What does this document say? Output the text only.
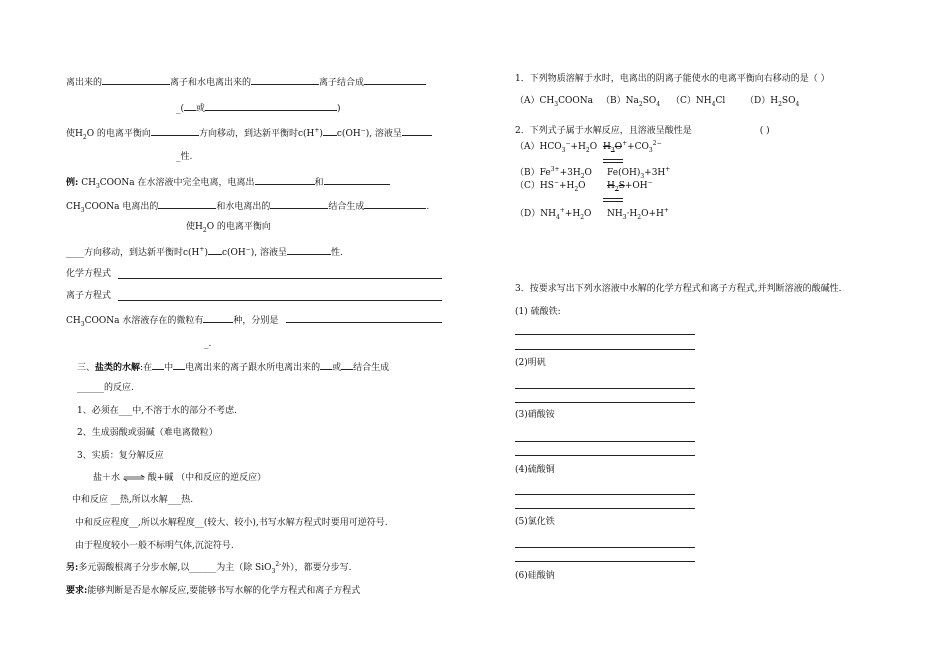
离出来的	离子和水电离出来的	离子结合成
_( 或	)
使$H_2O$ 的电离平衡向	方向移动，到达新平衡时c(H+) c(OH−), 溶液呈
_性.
例: $CH_3COONa$ 在水溶液中完全电离，电离出	和
$CH_3COONa$ 电离出的	和水电离出的	结合生成	.
使$H_2O$ 的电离平衡向
____方向移动，到达新平衡时c(H+) c(OH−), 溶液呈	性.
化学方程式
离子方程式
$CH_3COONa$ 水溶液存在的微粒有	种，分别是
_.
三、盐类的水解:在 中 电离出来的离子跟水所电离出来的 或 结合生成
______的反应.
1、必须在___中,不溶于水的部分不考虑.
2、生成弱酸或弱碱（难电离微粒）
3、实质：复分解反应
盐＋水 ⇌ 酸+碱 （中和反应的逆反应）
中和反应 __热,所以水解___热.
中和反应程度__,所以水解程度__(较大、较小),书写水解方程式时要用可逆符号.
由于程度较小一般不标明气体,沉淀符号.
另:多元弱酸根离子分步水解,以______为主（除 SiO$_3^{2-}$外），都要分步写.
要求:能够判断是否是水解反应,要能够书写水解的化学方程式和离子方程式
1．下列物质溶解于水时，电离出的阴离子能使水的电离平衡向右移动的是（ ）
$(A)CH_3COONa$ $(B)Na_2SO_4$ $(C)NH_4Cl$ $(D)H_2SO_4$
2．下列式子属于水解反应，且溶液呈酸性是	( )
$(A)HCO_3^-+H_2O$ $H_3O^++CO_3^{2-}$
$(B)Fe^{3+}+3H_2O$ $Fe(OH)_3+3H^+$
$(C)HS^-+H_2O$ $H_2S+OH^-$
$(D)NH_4^++H_2O$ $NH_3\cdot H_2O+H^+$
3．按要求写出下列水溶液中水解的化学方程式和离子方程式,并判断溶液的酸碱性.
(1) 硫酸铁:
(2)明矾
(3)硝酸铵
(4)硫酸铜
(5)氯化铁
(6)硅酸钠
